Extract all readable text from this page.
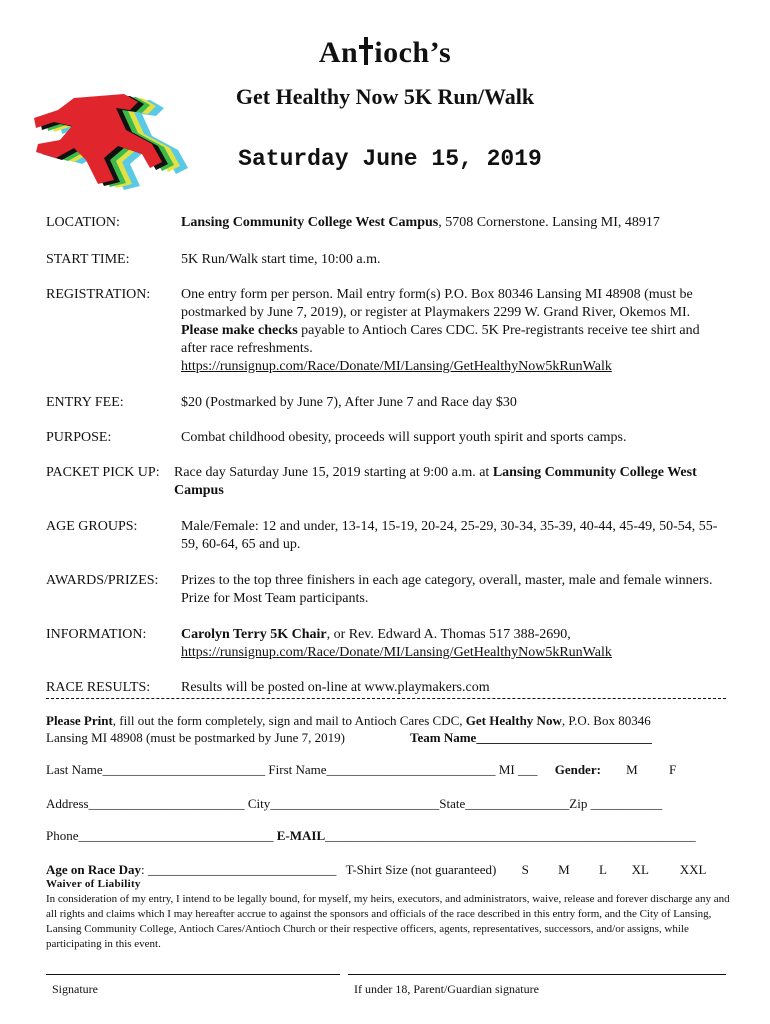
An ioch’s
Get Healthy Now 5K Run/Walk
Saturday June 15, 2019
LOCATION:	Lansing Community College West Campus, 5708 Cornerstone. Lansing MI, 48917
START TIME:	5K Run/Walk start time, 10:00 a.m.
REGISTRATION: One entry form per person. Mail entry form(s) P.O. Box 80346 Lansing MI 48908 (must be postmarked by June 7, 2019), or register at Playmakers 2299 W. Grand River, Okemos MI. Please make checks payable to Antioch Cares CDC. 5K Pre-registrants receive tee shirt and after race refreshments.
https://runsignup.com/Race/Donate/MI/Lansing/GetHealthyNow5kRunWalk
ENTRY FEE:	$20 (Postmarked by June 7), After June 7 and Race day $30
PURPOSE:	Combat childhood obesity, proceeds will support youth spirit and sports camps.
PACKET PICK UP: Race day Saturday June 15, 2019 starting at 9:00 a.m. at Lansing Community College West Campus
AGE GROUPS:	Male/Female: 12 and under, 13-14, 15-19, 20-24, 25-29, 30-34, 35-39, 40-44, 45-49, 50-54, 55-59, 60-64, 65 and up.
AWARDS/PRIZES: Prizes to the top three finishers in each age category, overall, master, male and female winners. Prize for Most Team participants.
INFORMATION: Carolyn Terry 5K Chair, or Rev. Edward A. Thomas 517 388-2690,
https://runsignup.com/Race/Donate/MI/Lansing/GetHealthyNow5kRunWalk
RACE RESULTS: Results will be posted on-line at www.playmakers.com
Please Print, fill out the form completely, sign and mail to Antioch Cares CDC, Get Healthy Now, P.O. Box 80346
Lansing MI 48908 (must be postmarked by June 7, 2019)	Team Name___________________________
Last Name_________________________ First Name__________________________ MI ___ Gender: M F
Address________________________ City__________________________State________________Zip ___________
Phone______________________________ E-MAIL_________________________________________________________
Age on Race Day: _____________________________ T-Shirt Size (not guaranteed) S M L XL XXL
Waiver of Liability
In consideration of my entry, I intend to be legally bound, for myself, my heirs, executors, and administrators, waive, release and forever discharge any and all rights and claims which I may hereafter accrue to against the sponsors and officials of the race described in this entry form, and the City of Lansing, Lansing Community College, Antioch Cares/Antioch Church or their respective officers, agents, representatives, successors, and/or assigns, while participating in this event.
Signature	If under 18, Parent/Guardian signature
